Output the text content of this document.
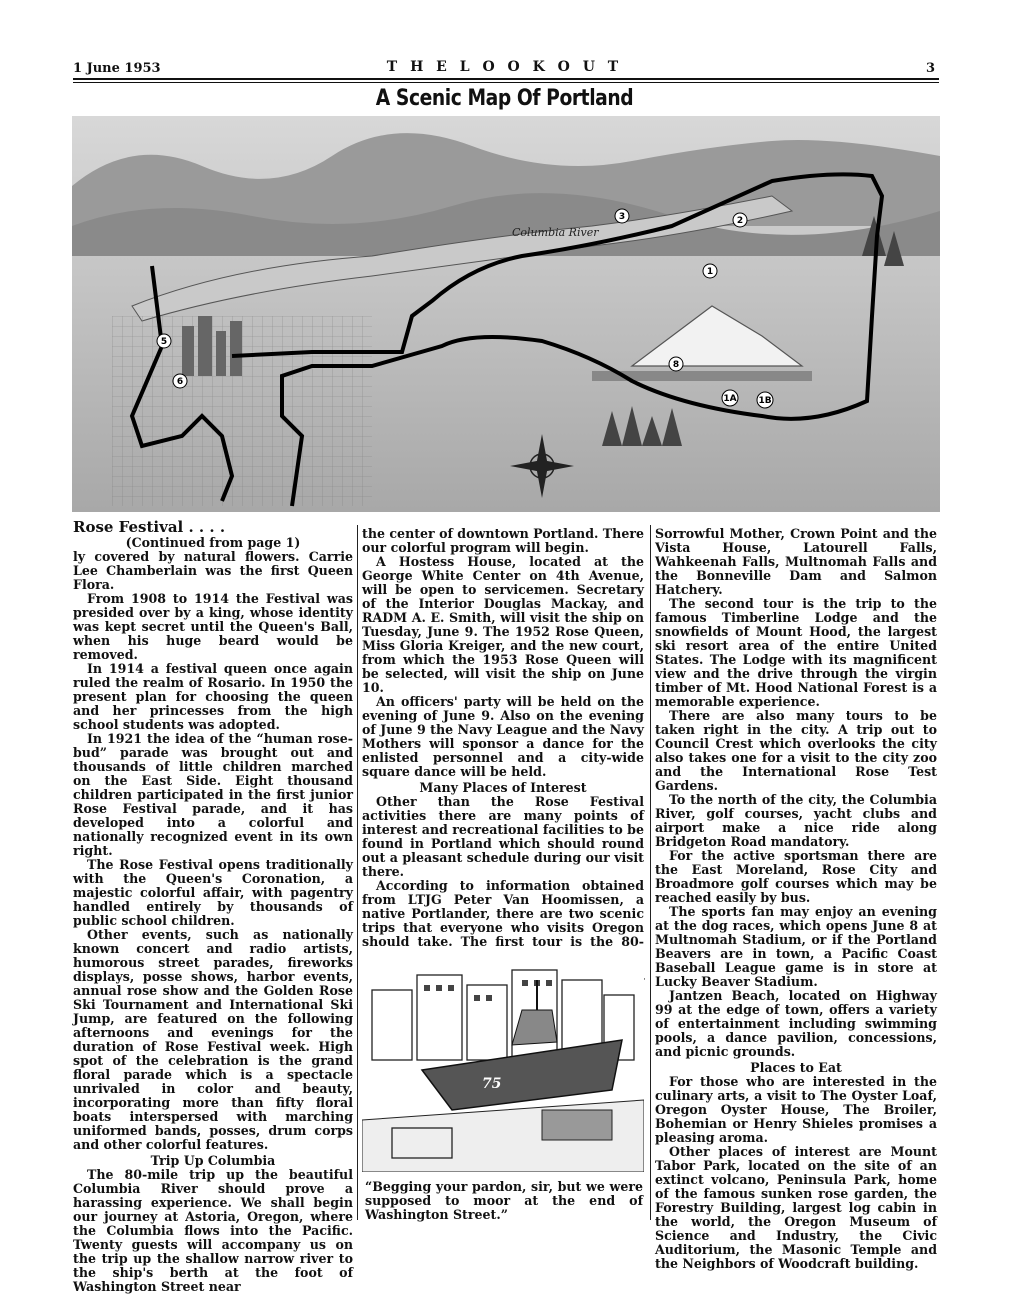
1 June 1953	T H E L O O K O U T	3
A Scenic Map Of Portland
Columbia River
1
2
3
5
6
8
1A 1B

Rose Festival . . . .

(Continued from page 1)

ly covered by natural flowers. Carrie Lee Chamberlain was the first Queen Flora.

From 1908 to 1914 the Festival was presided over by a king, whose identity was kept secret until the Queen's Ball, when his huge beard would be removed.

In 1914 a festival queen once again ruled the realm of Rosario. In 1950 the present plan for choosing the queen and her princesses from the high school students was adopted.

In 1921 the idea of the “human rose-bud” parade was brought out and thousands of little children marched on the East Side. Eight thousand children participated in the first junior Rose Festival parade, and it has developed into a colorful and nationally recognized event in its own right.

The Rose Festival opens traditionally with the Queen's Coronation, a majestic colorful affair, with pagentry handled entirely by thousands of public school children.

Other events, such as nationally known concert and radio artists, humorous street parades, fireworks displays, posse shows, harbor events, annual rose show and the Golden Rose Ski Tournament and International Ski Jump, are featured on the following afternoons and evenings for the duration of Rose Festival week. High spot of the celebration is the grand floral parade which is a spectacle unrivaled in color and beauty, incorporating more than fifty floral boats interspersed with marching uniformed bands, posses, drum corps and other colorful features.

Trip Up Columbia

The 80-mile trip up the beautiful Columbia River should prove a harassing experience. We shall begin our journey at Astoria, Oregon, where the Columbia flows into the Pacific. Twenty guests will accompany us on the trip up the shallow narrow river to the ship's berth at the foot of Washington Street near

the center of downtown Portland. There our colorful program will begin.

A Hostess House, located at the George White Center on 4th Avenue, will be open to servicemen. Secretary of the Interior Douglas Mackay, and RADM A. E. Smith, will visit the ship on Tuesday, June 9. The 1952 Rose Queen, Miss Gloria Kreiger, and the new court, from which the 1953 Rose Queen will be selected, will visit the ship on June 10.

An officers' party will be held on the evening of June 9. Also on the evening of June 9 the Navy League and the Navy Mothers will sponsor a dance for the enlisted personnel and a city-wide square dance will be held.

Many Places of Interest

Other than the Rose Festival activities there are many points of interest and recreational facilities to be found in Portland which should round out a pleasant schedule during our visit there.

According to information obtained from LTJG Peter Van Hoomissen, a native Portlander, there are two scenic trips that everyone who visits Oregon should take. The first tour is the 80-

75
“Begging your pardon, sir, but we were supposed to moor at the end of Washington Street.”

Sorrowful Mother, Crown Point and the Vista House, Latourell Falls, Wahkeenah Falls, Multnomah Falls and the Bonneville Dam and Salmon Hatchery.

The second tour is the trip to the famous Timberline Lodge and the snowfields of Mount Hood, the largest ski resort area of the entire United States. The Lodge with its magnificent view and the drive through the virgin timber of Mt. Hood National Forest is a memorable experience.

There are also many tours to be taken right in the city. A trip out to Council Crest which overlooks the city also takes one for a visit to the city zoo and the International Rose Test Gardens.

To the north of the city, the Columbia River, golf courses, yacht clubs and airport make a nice ride along Bridgeton Road mandatory.

For the active sportsman there are the East Moreland, Rose City and Broadmore golf courses which may be reached easily by bus.

The sports fan may enjoy an evening at the dog races, which opens June 8 at Multnomah Stadium, or if the Portland Beavers are in town, a Pacific Coast Baseball League game is in store at Lucky Beaver Stadium.

Jantzen Beach, located on Highway 99 at the edge of town, offers a variety of entertainment including swimming pools, a dance pavilion, concessions, and picnic grounds.

Places to Eat

For those who are interested in the culinary arts, a visit to The Oyster Loaf, Oregon Oyster House, The Broiler, Bohemian or Henry Shieles promises a pleasing aroma.

Other places of interest are Mount Tabor Park, located on the site of an extinct volcano, Peninsula Park, home of the famous sunken rose garden, the Forestry Building, largest log cabin in the world, the Oregon Museum of Science and Industry, the Civic Auditorium, the Masonic Temple and the Neighbors of Woodcraft building.
